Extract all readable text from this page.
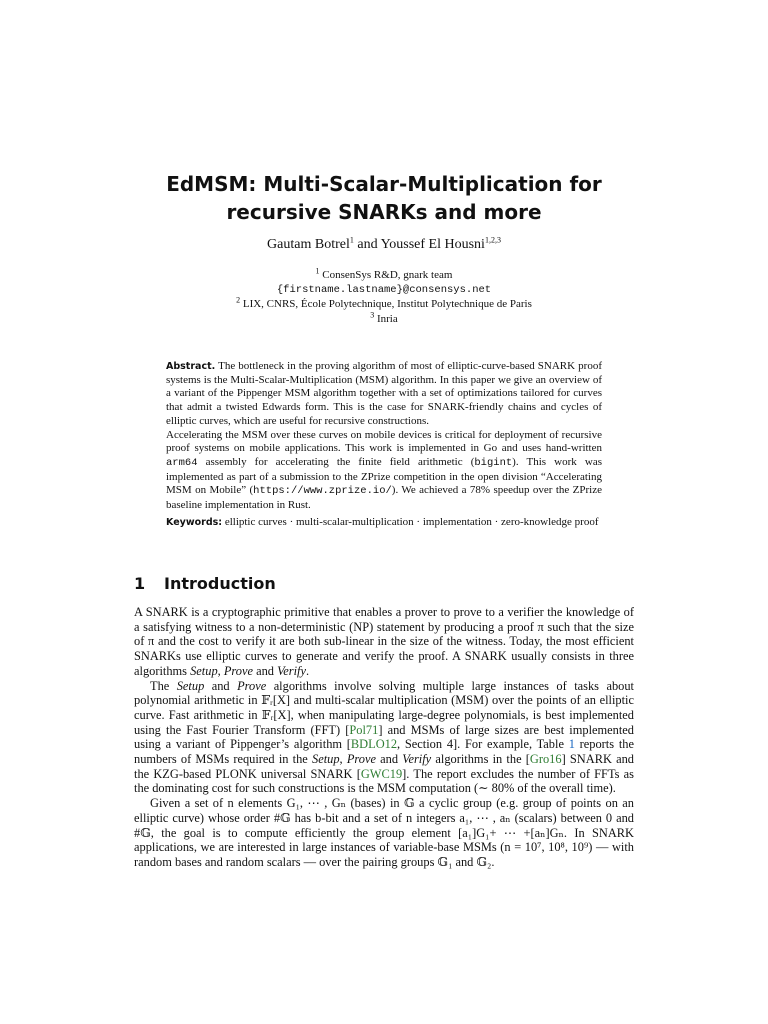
EdMSM: Multi-Scalar-Multiplication for
recursive SNARKs and more
Gautam Botrel$^1$ and Youssef El Housni$^{1,2,3}$
$^1$ ConsenSys R&D, gnark team
{firstname.lastname}@consensys.net
$^2$ LIX, CNRS, École Polytechnique, Institut Polytechnique de Paris
$^3$ Inria

Abstract. The bottleneck in the proving algorithm of most of elliptic-curve-based SNARK proof systems is the Multi-Scalar-Multiplication (MSM) algorithm. In this paper we give an overview of a variant of the Pippenger MSM algorithm together with a set of optimizations tailored for curves that admit a twisted Edwards form. This is the case for SNARK-friendly chains and cycles of elliptic curves, which are useful for recursive constructions.

Accelerating the MSM over these curves on mobile devices is critical for deployment of recursive proof systems on mobile applications. This work is implemented in Go and uses hand-written arm64 assembly for accelerating the finite field arithmetic (bigint). This work was implemented as part of a submission to the ZPrize competition in the open division “Accelerating MSM on Mobile” (https://www.zprize.io/). We achieved a 78% speedup over the ZPrize baseline implementation in Rust.

Keywords: elliptic curves · multi-scalar-multiplication · implementation · zero-knowledge proof

1 Introduction

A SNARK is a cryptographic primitive that enables a prover to prove to a verifier the knowledge of a satisfying witness to a non-deterministic (NP) statement by producing a proof π such that the size of π and the cost to verify it are both sub-linear in the size of the witness. Today, the most efficient SNARKs use elliptic curves to generate and verify the proof. A SNARK usually consists in three algorithms Setup, Prove and Verify.

The Setup and Prove algorithms involve solving multiple large instances of tasks about polynomial arithmetic in 𝔽ᵣ[X] and multi-scalar multiplication (MSM) over the points of an elliptic curve. Fast arithmetic in 𝔽ᵣ[X], when manipulating large-degree polynomials, is best implemented using the Fast Fourier Transform (FFT) [Pol71] and MSMs of large sizes are best implemented using a variant of Pippenger’s algorithm [BDLO12, Section 4]. For example, Table 1 reports the numbers of MSMs required in the Setup, Prove and Verify algorithms in the [Gro16] SNARK and the KZG-based PLONK universal SNARK [GWC19]. The report excludes the number of FFTs as the dominating cost for such constructions is the MSM computation (∼ 80% of the overall time).

Given a set of n elements G₁, ⋯ , Gₙ (bases) in 𝔾 a cyclic group (e.g. group of points on an elliptic curve) whose order #𝔾 has b-bit and a set of n integers a₁, ⋯ , aₙ (scalars) between 0 and #𝔾, the goal is to compute efficiently the group element [a₁]G₁+ ⋯ +[aₙ]Gₙ. In SNARK applications, we are interested in large instances of variable-base MSMs (n = 10⁷, 10⁸, 10⁹) — with random bases and random scalars — over the pairing groups 𝔾₁ and 𝔾₂.
